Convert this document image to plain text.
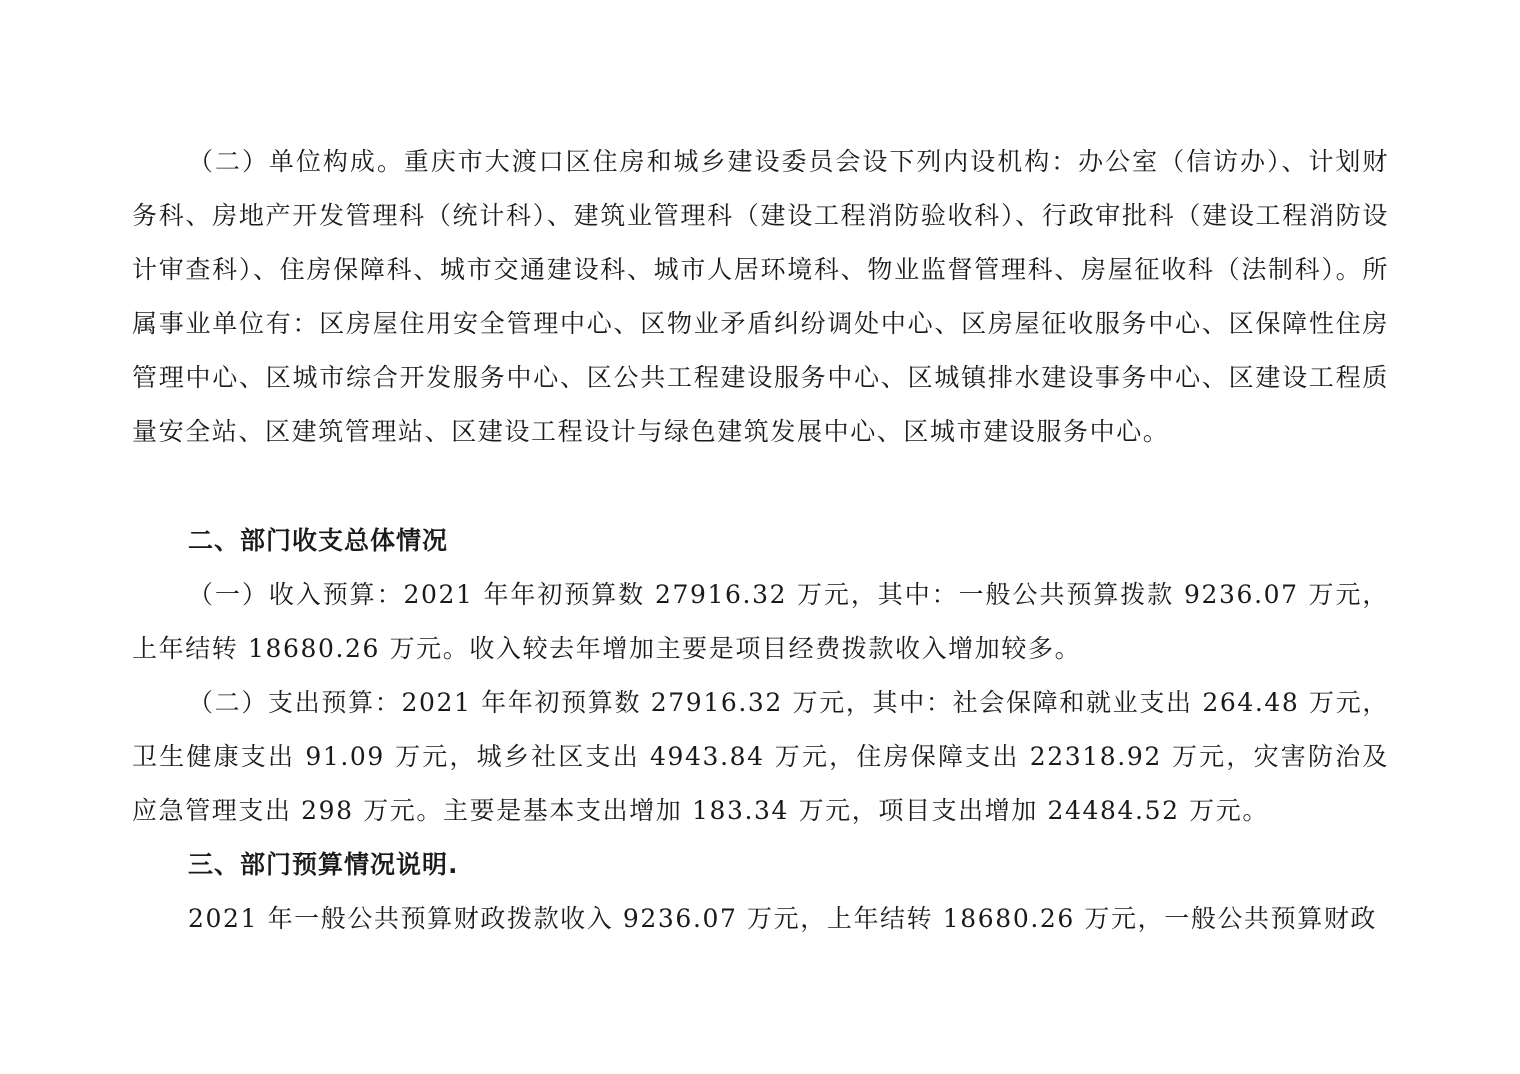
（二）单位构成。重庆市大渡口区住房和城乡建设委员会设下列内设机构：办公室（信访办）、计划财务科、房地产开发管理科（统计科）、建筑业管理科（建设工程消防验收科）、行政审批科（建设工程消防设计审查科）、住房保障科、城市交通建设科、城市人居环境科、物业监督管理科、房屋征收科（法制科）。所属事业单位有：区房屋住用安全管理中心、区物业矛盾纠纷调处中心、区房屋征收服务中心、区保障性住房管理中心、区城市综合开发服务中心、区公共工程建设服务中心、区城镇排水建设事务中心、区建设工程质量安全站、区建筑管理站、区建设工程设计与绿色建筑发展中心、区城市建设服务中心。

二、部门收支总体情况

（一）收入预算：2021 年年初预算数 27916.32 万元，其中：一般公共预算拨款 9236.07 万元，上年结转 18680.26 万元。收入较去年增加主要是项目经费拨款收入增加较多。

（二）支出预算：2021 年年初预算数 27916.32 万元，其中：社会保障和就业支出 264.48 万元，卫生健康支出 91.09 万元，城乡社区支出 4943.84 万元，住房保障支出 22318.92 万元，灾害防治及应急管理支出 298 万元。主要是基本支出增加 183.34 万元，项目支出增加 24484.52 万元。

三、部门预算情况说明.

2021 年一般公共预算财政拨款收入 9236.07 万元，上年结转 18680.26 万元，一般公共预算财政
